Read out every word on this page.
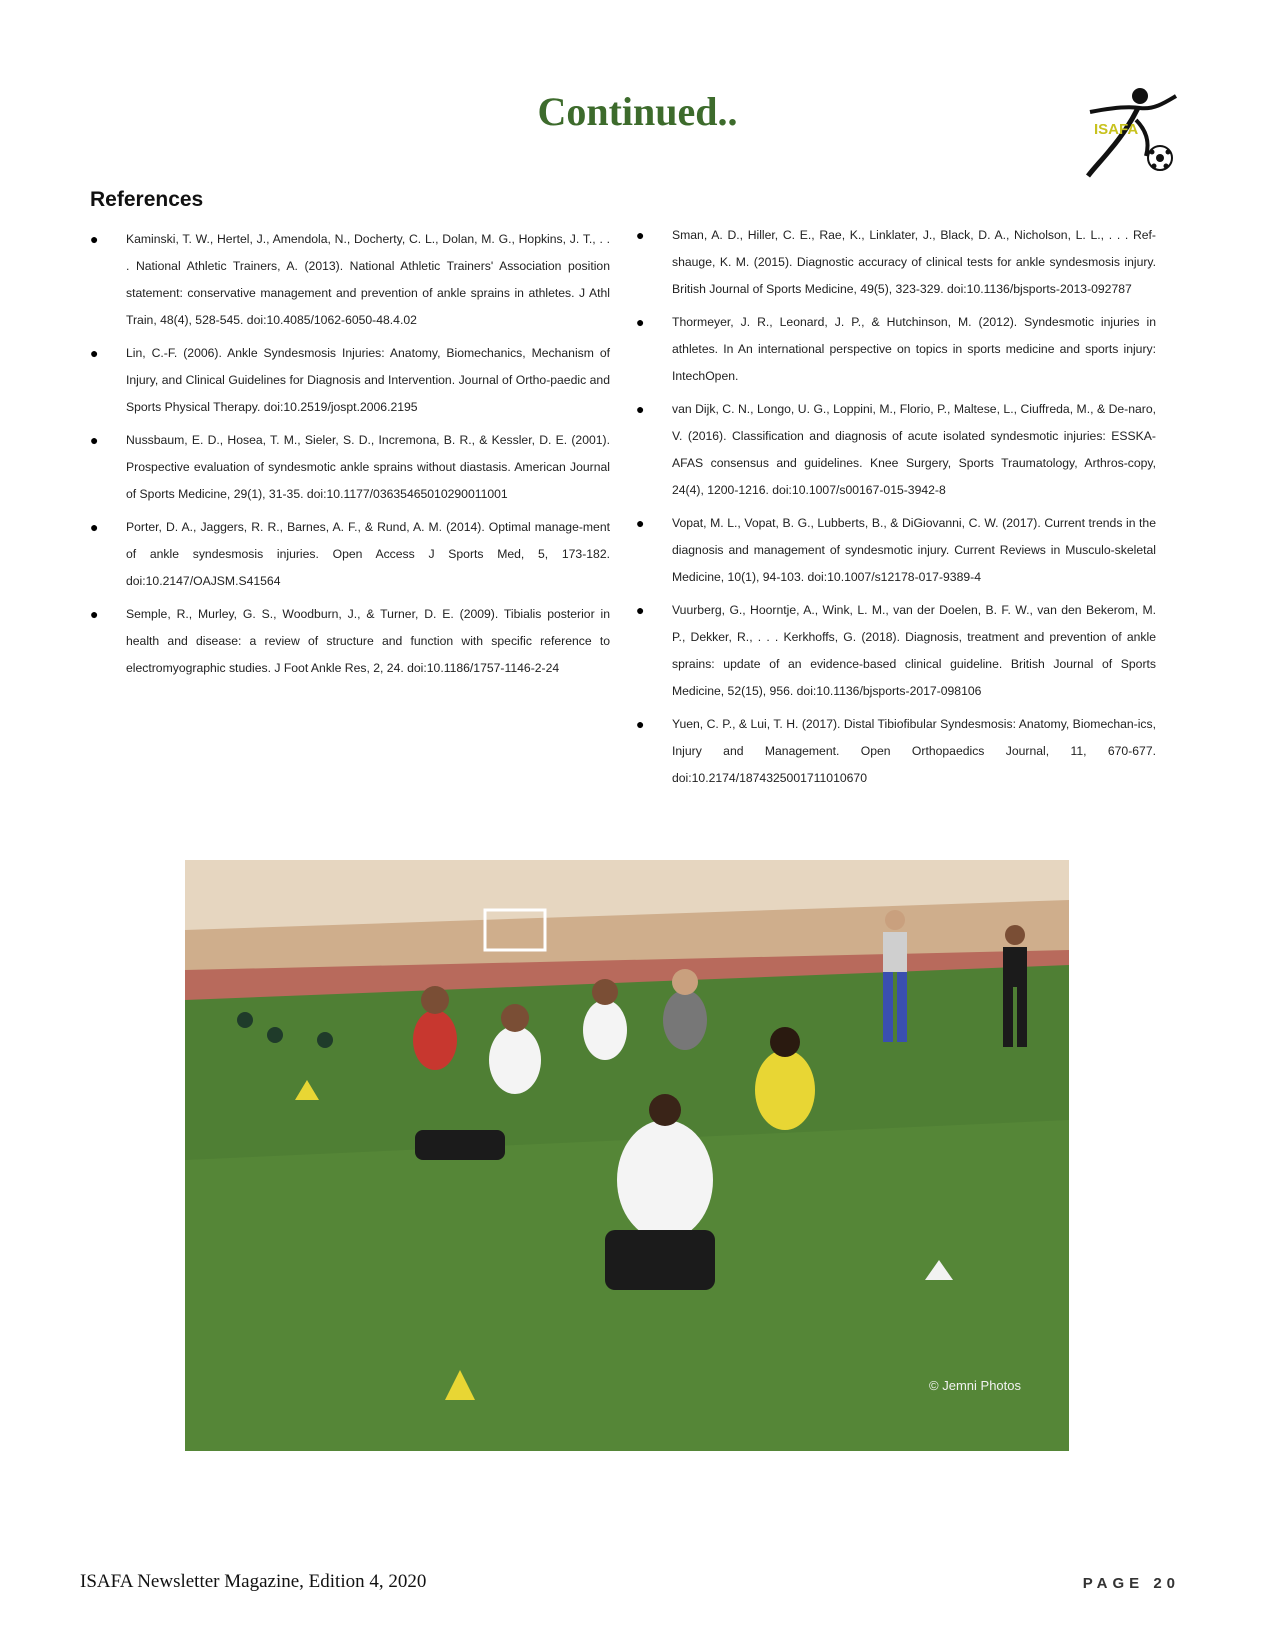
Continued..	ISAFA
References
● Kaminski, T. W., Hertel, J., Amendola, N., Docherty, C. L., Dolan, M. G., Hopkins, J. T., . . . National Athletic Trainers, A. (2013). National Athletic Trainers' Association position statement: conservative management and prevention of ankle sprains in athletes. J Athl Train, 48(4), 528-545. doi:10.4085/1062-6050-48.4.02
● Lin, C.-F. (2006). Ankle Syndesmosis Injuries: Anatomy, Biomechanics, Mechanism of Injury, and Clinical Guidelines for Diagnosis and Intervention. Journal of Ortho-paedic and Sports Physical Therapy. doi:10.2519/jospt.2006.2195
● Nussbaum, E. D., Hosea, T. M., Sieler, S. D., Incremona, B. R., & Kessler, D. E. (2001). Prospective evaluation of syndesmotic ankle sprains without diastasis. American Journal of Sports Medicine, 29(1), 31-35. doi:10.1177/03635465010290011001
● Porter, D. A., Jaggers, R. R., Barnes, A. F., & Rund, A. M. (2014). Optimal manage-ment of ankle syndesmosis injuries. Open Access J Sports Med, 5, 173-182. doi:10.2147/OAJSM.S41564
● Semple, R., Murley, G. S., Woodburn, J., & Turner, D. E. (2009). Tibialis posterior in health and disease: a review of structure and function with specific reference to electromyographic studies. J Foot Ankle Res, 2, 24. doi:10.1186/1757-1146-2-24
● Sman, A. D., Hiller, C. E., Rae, K., Linklater, J., Black, D. A., Nicholson, L. L., . . . Ref-shauge, K. M. (2015). Diagnostic accuracy of clinical tests for ankle syndesmosis injury. British Journal of Sports Medicine, 49(5), 323-329. doi:10.1136/bjsports-2013-092787
● Thormeyer, J. R., Leonard, J. P., & Hutchinson, M. (2012). Syndesmotic injuries in athletes. In An international perspective on topics in sports medicine and sports injury: IntechOpen.
● van Dijk, C. N., Longo, U. G., Loppini, M., Florio, P., Maltese, L., Ciuffreda, M., & De-naro, V. (2016). Classification and diagnosis of acute isolated syndesmotic injuries: ESSKA-AFAS consensus and guidelines. Knee Surgery, Sports Traumatology, Arthros-copy, 24(4), 1200-1216. doi:10.1007/s00167-015-3942-8
● Vopat, M. L., Vopat, B. G., Lubberts, B., & DiGiovanni, C. W. (2017). Current trends in the diagnosis and management of syndesmotic injury. Current Reviews in Musculo-skeletal Medicine, 10(1), 94-103. doi:10.1007/s12178-017-9389-4
● Vuurberg, G., Hoorntje, A., Wink, L. M., van der Doelen, B. F. W., van den Bekerom, M. P., Dekker, R., . . . Kerkhoffs, G. (2018). Diagnosis, treatment and prevention of ankle sprains: update of an evidence-based clinical guideline. British Journal of Sports Medicine, 52(15), 956. doi:10.1136/bjsports-2017-098106
● Yuen, C. P., & Lui, T. H. (2017). Distal Tibiofibular Syndesmosis: Anatomy, Biomechan-ics, Injury and Management. Open Orthopaedics Journal, 11, 670-677. doi:10.2174/1874325001711010670
© Jemni Photos
ISAFA Newsletter Magazine, Edition 4, 2020	PAGE 20
